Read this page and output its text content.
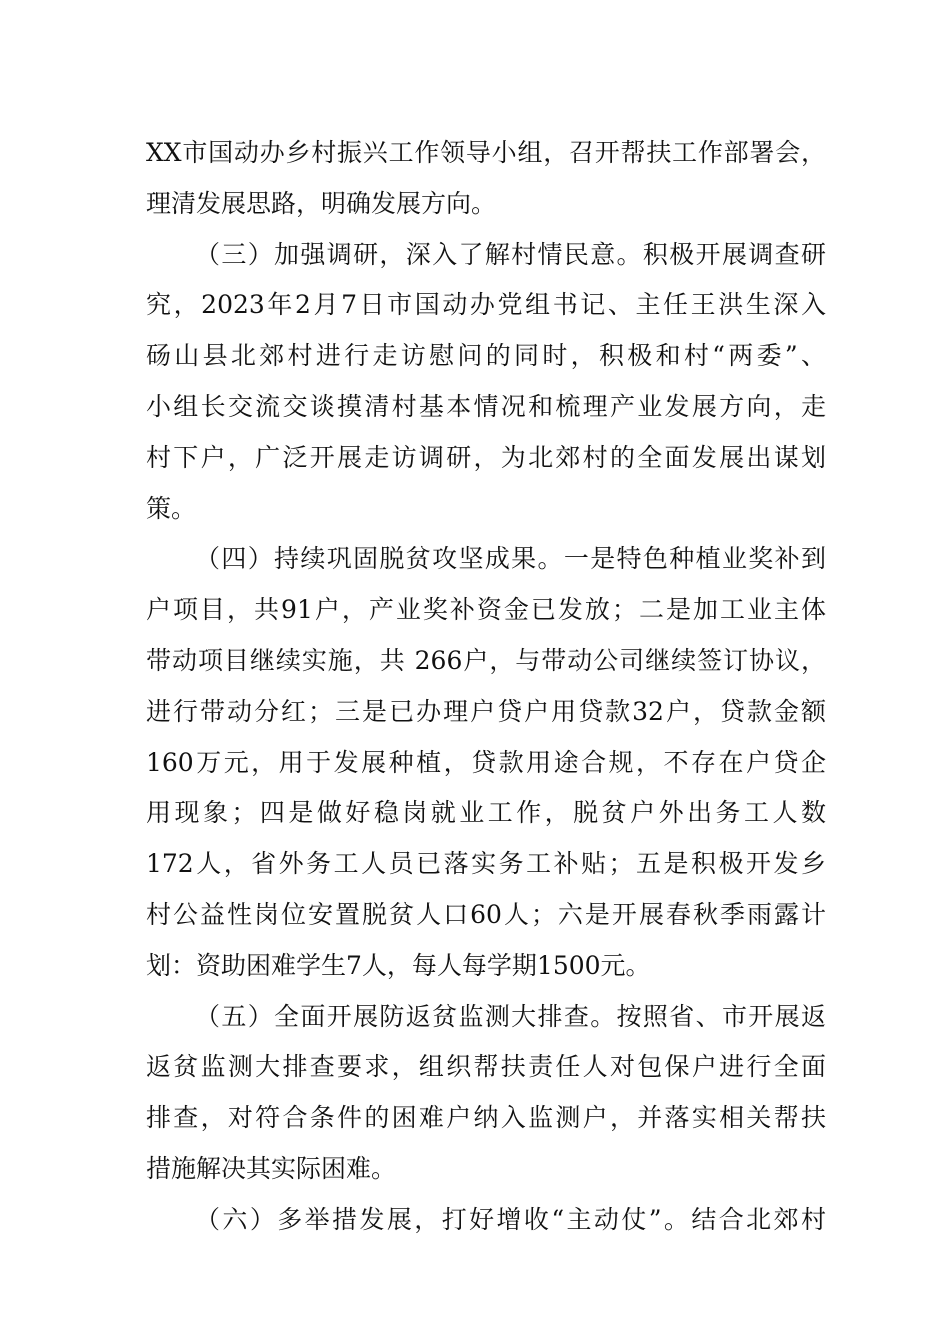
XX市国动办乡村振兴工作领导小组，召开帮扶工作部署会，
理清发展思路，明确发展方向。
（三）加强调研，深入了解村情民意。积极开展调查研
究，2023年2月7日市国动办党组书记、主任王洪生深入
砀山县北郊村进行走访慰问的同时，积极和村“两委”、
小组长交流交谈摸清村基本情况和梳理产业发展方向，走
村下户，广泛开展走访调研，为北郊村的全面发展出谋划
策。
（四）持续巩固脱贫攻坚成果。一是特色种植业奖补到
户项目，共91户，产业奖补资金已发放；二是加工业主体
带动项目继续实施，共 266户，与带动公司继续签订协议，
进行带动分红；三是已办理户贷户用贷款32户，贷款金额
160万元，用于发展种植，贷款用途合规，不存在户贷企
用现象；四是做好稳岗就业工作，脱贫户外出务工人数
172人，省外务工人员已落实务工补贴；五是积极开发乡
村公益性岗位安置脱贫人口60人；六是开展春秋季雨露计
划：资助困难学生7人，每人每学期1500元。
（五）全面开展防返贫监测大排查。按照省、市开展返
返贫监测大排查要求，组织帮扶责任人对包保户进行全面
排查，对符合条件的困难户纳入监测户，并落实相关帮扶
措施解决其实际困难。
（六）多举措发展，打好增收“主动仗”。结合北郊村
